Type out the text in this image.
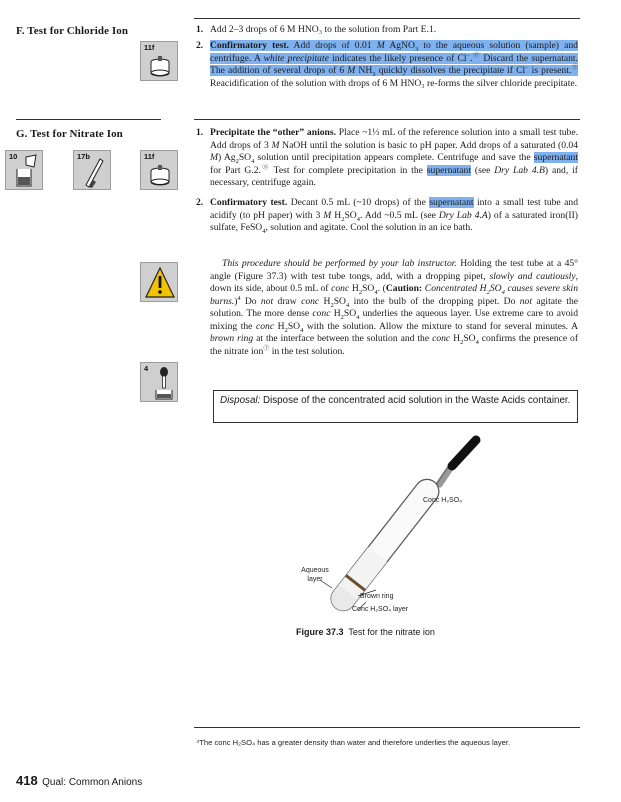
F. Test for Chloride Ion
11f
1. Add 2–3 drops of 6 M HNO₃ to the solution from Part E.1.
2. Confirmatory test. Add drops of 0.01 M AgNO$_3$ to the aqueous solution (sample) and centrifuge. A white precipitate indicates the likely presence of Cl−.Ⓟ Discard the supernatant. The addition of several drops of 6 M $NH_3$ quickly dissolves the precipitate if Cl− is present.Ⓣ Reacidification of the solution with drops of 6 M HNO₃ re-forms the silver chloride precipitate.
G. Test for Nitrate Ion
10	17b	11f
1. Precipitate the “other” anions. Place ~1⅓ mL of the reference solution into a small test tube. Add drops of 3 M NaOH until the solution is basic to pH paper. Add drops of a saturated (0.04 M) $Ag_2SO_4$ solution until precipitation appears complete. Centrifuge and save the supernatant for Part G.2.Ⓢ Test for complete precipitation in the supernatant (see Dry Lab 4.B) and, if necessary, centrifuge again.
2. Confirmatory test. Decant 0.5 mL (~10 drops) of the supernatant into a small test tube and acidify (to pH paper) with 3 M $H_2SO_4$. Add ~0.5 mL (see Dry Lab 4.A) of a saturated iron(II) sulfate, FeSO$_4$, solution and agitate. Cool the solution in an ice bath.
This procedure should be performed by your lab instructor. Holding the test tube at a 45° angle (Figure 37.3) with test tube tongs, add, with a dropping pipet, slowly and cautiously, down its side, about 0.5 mL of conc $H_2SO_4$. (Caution: Concentrated $H_2SO_4$ causes severe skin burns.)$^4$ Do not draw conc $H_2SO_4$ into the bulb of the dropping pipet. Do not agitate the solution. The more dense conc $H_2SO_4$ underlies the aqueous layer. Use extreme care to avoid mixing the conc $H_2SO_4$ with the solution. Allow the mixture to stand for several minutes. A brown ring at the interface between the solution and the conc $H_2SO_4$ confirms the presence of the nitrate ionⓉ in the test solution.
4
Disposal: Dispose of the concentrated acid solution in the Waste Acids container.
Conc H₂SO₄
Aqueous layer
Brown ring
Conc H₂SO₄ layer
Figure 37.3 Test for the nitrate ion
⁴The conc H₂SO₄ has a greater density than water and therefore underlies the aqueous layer.
418 Qual: Common Anions
